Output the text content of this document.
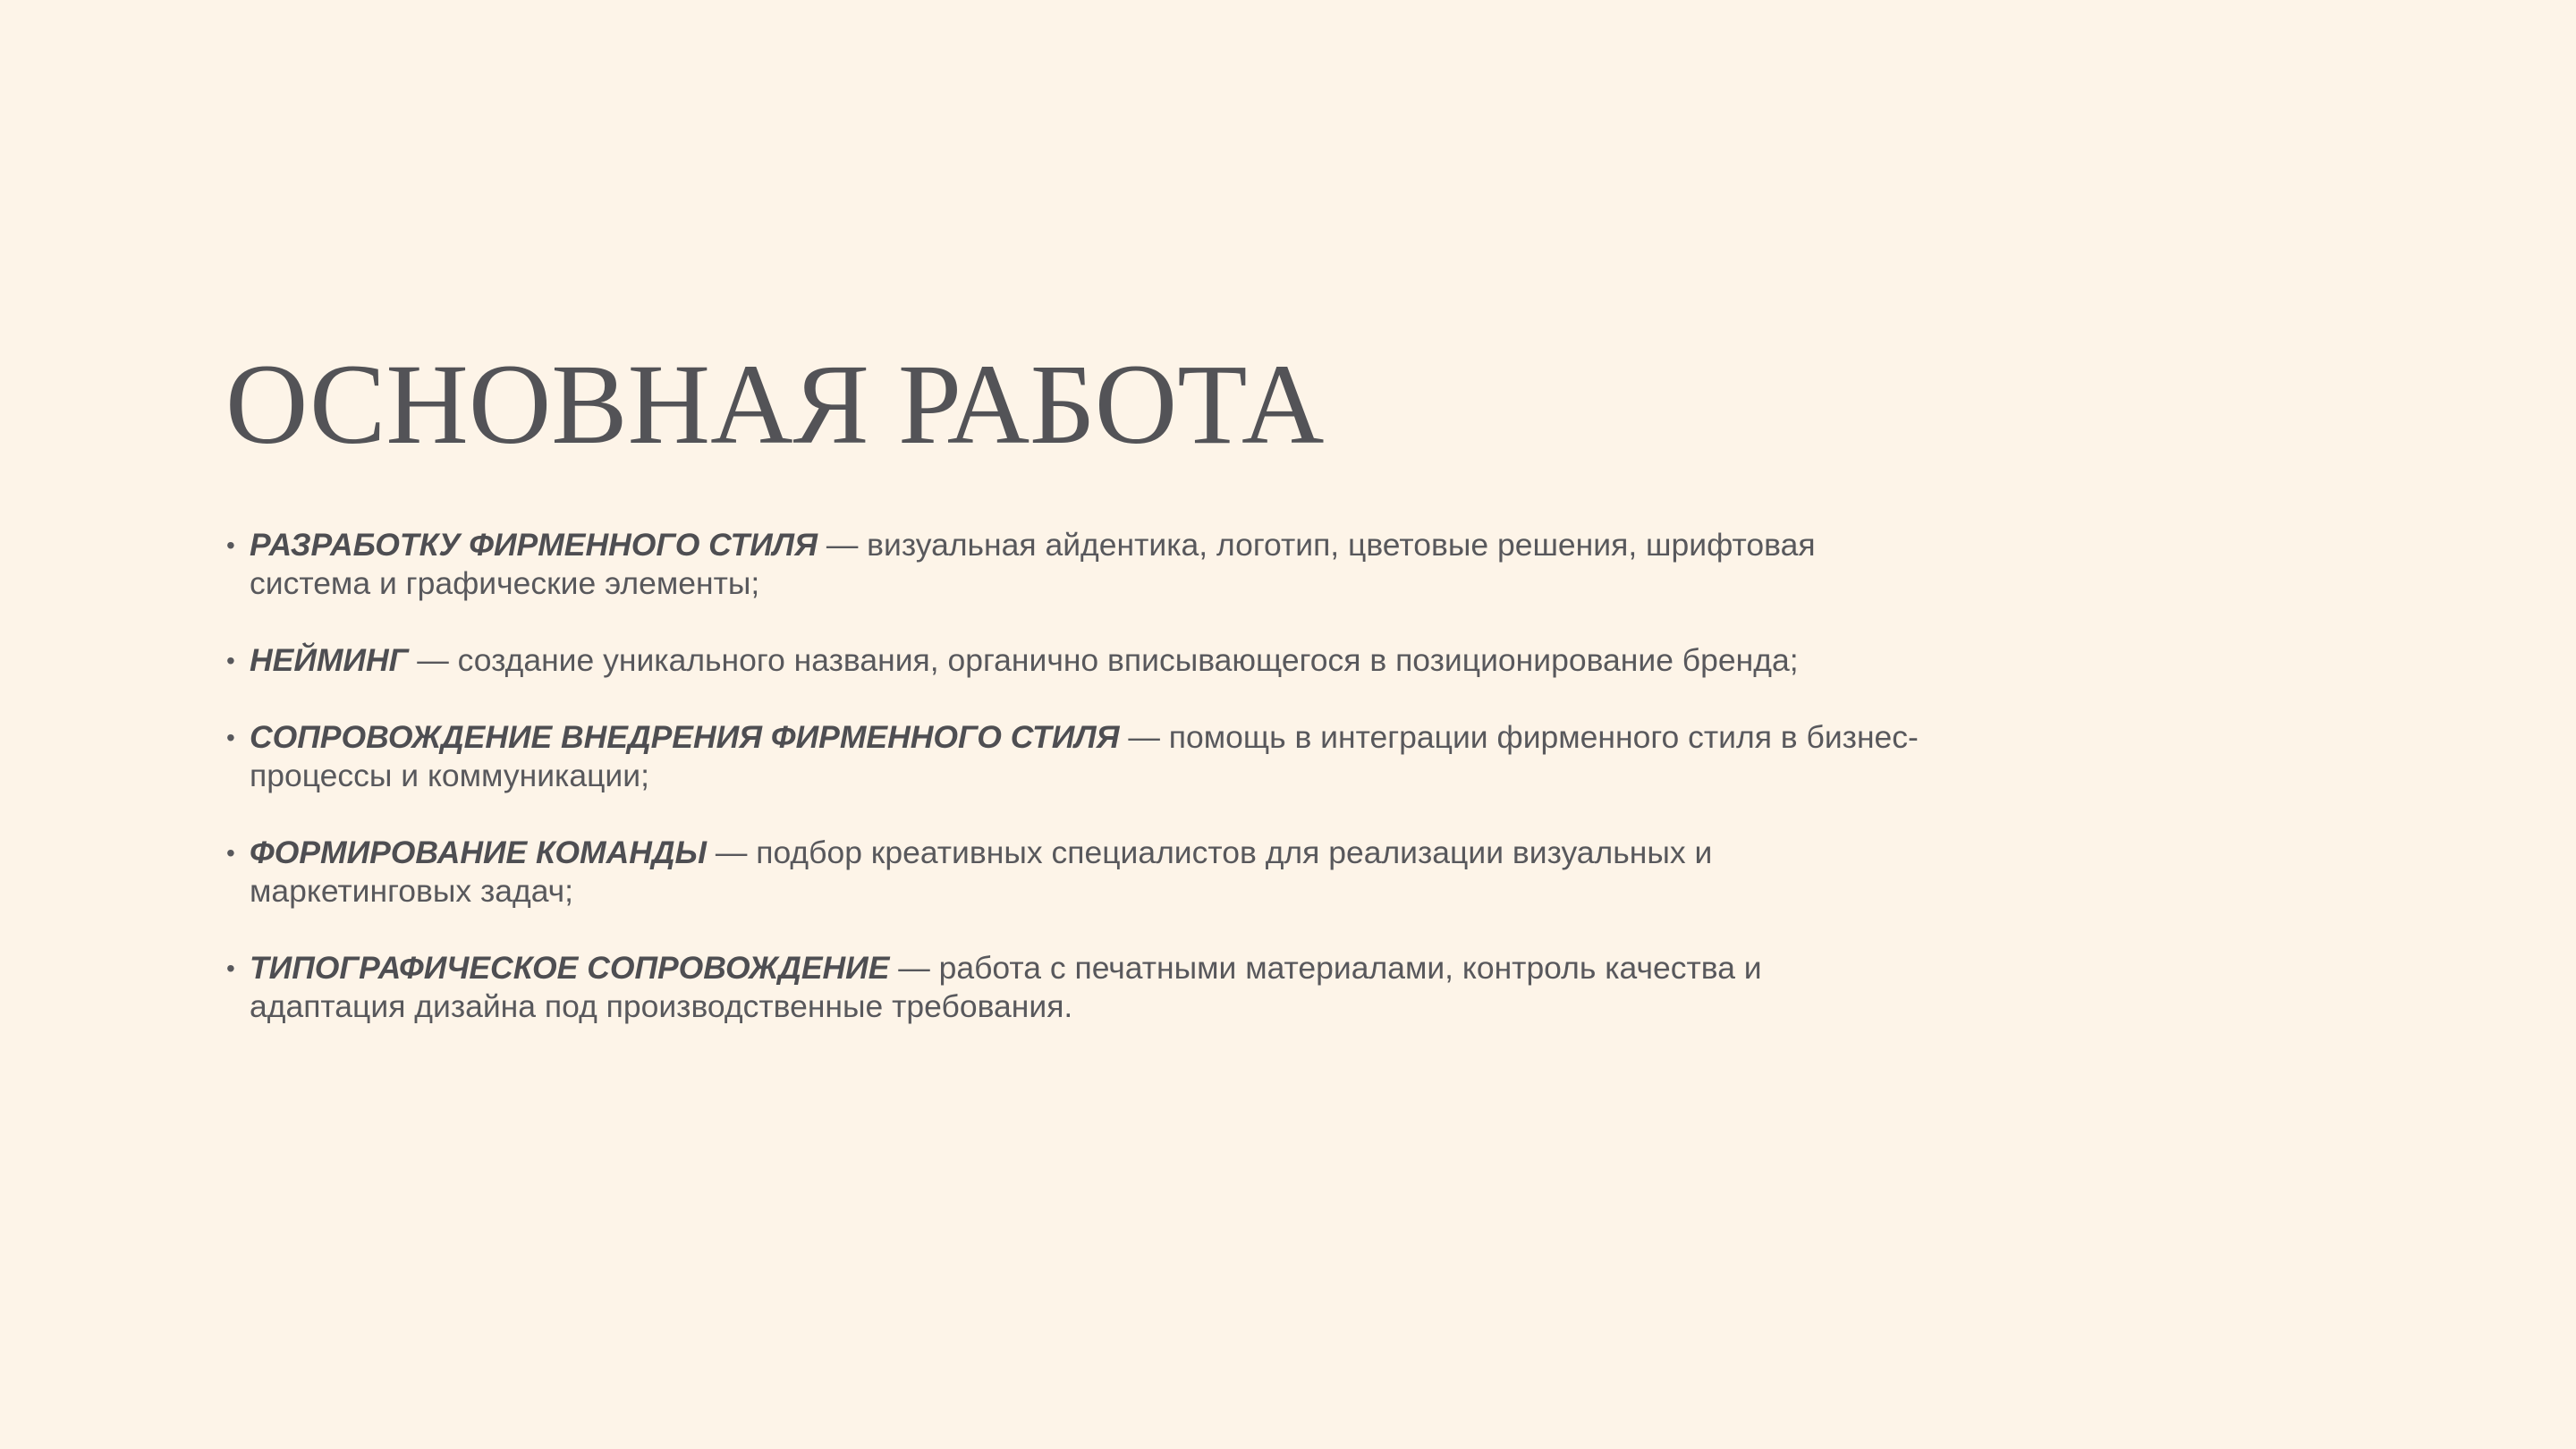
ОСНОВНАЯ РАБОТА
• РАЗРАБОТКУ ФИРМЕННОГО СТИЛЯ — визуальная айдентика, логотип, цветовые решения, шрифтовая система и графические элементы;
• НЕЙМИНГ — создание уникального названия, органично вписывающегося в позиционирование бренда;
• СОПРОВОЖДЕНИЕ ВНЕДРЕНИЯ ФИРМЕННОГО СТИЛЯ — помощь в интеграции фирменного стиля в бизнес-процессы и коммуникации;
• ФОРМИРОВАНИЕ КОМАНДЫ — подбор креативных специалистов для реализации визуальных и маркетинговых задач;
• ТИПОГРАФИЧЕСКОЕ СОПРОВОЖДЕНИЕ — работа с печатными материалами, контроль качества и адаптация дизайна под производственные требования.
